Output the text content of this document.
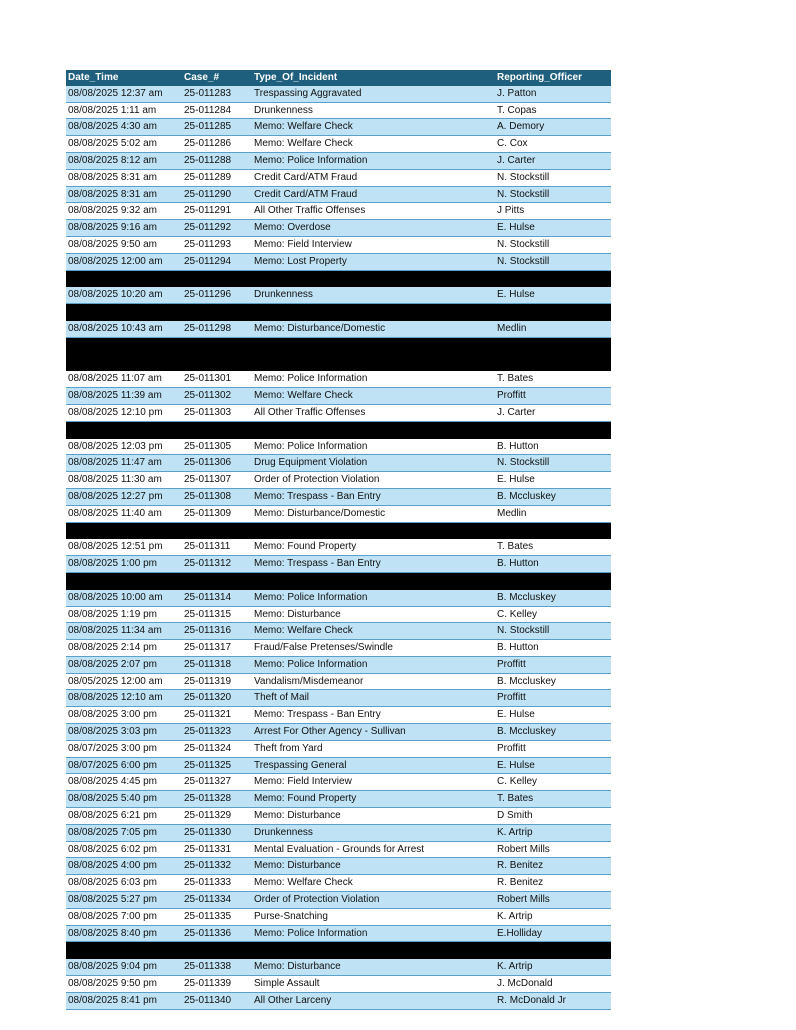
Date_Time	Case_#	Type_Of_Incident	Reporting_Officer
08/08/2025 12:37 am	25-011283	Trespassing Aggravated	J. Patton
08/08/2025 1:11 am	25-011284	Drunkenness	T. Copas
08/08/2025 4:30 am	25-011285	Memo: Welfare Check	A. Demory
08/08/2025 5:02 am	25-011286	Memo: Welfare Check	C. Cox
08/08/2025 8:12 am	25-011288	Memo: Police Information	J. Carter
08/08/2025 8:31 am	25-011289	Credit Card/ATM Fraud	N. Stockstill
08/08/2025 8:31 am	25-011290	Credit Card/ATM Fraud	N. Stockstill
08/08/2025 9:32 am	25-011291	All Other Traffic Offenses	J Pitts
08/08/2025 9:16 am	25-011292	Memo: Overdose	E. Hulse
08/08/2025 9:50 am	25-011293	Memo: Field Interview	N. Stockstill
08/08/2025 12:00 am	25-011294	Memo: Lost Property	N. Stockstill

08/08/2025 10:20 am	25-011296	Drunkenness	E. Hulse

08/08/2025 10:43 am	25-011298	Memo: Disturbance/Domestic	Medlin

08/08/2025 11:07 am	25-011301	Memo: Police Information	T. Bates
08/08/2025 11:39 am	25-011302	Memo: Welfare Check	Proffitt
08/08/2025 12:10 pm	25-011303	All Other Traffic Offenses	J. Carter

08/08/2025 12:03 pm	25-011305	Memo: Police Information	B. Hutton
08/08/2025 11:47 am	25-011306	Drug Equipment Violation	N. Stockstill
08/08/2025 11:30 am	25-011307	Order of Protection Violation	E. Hulse
08/08/2025 12:27 pm	25-011308	Memo: Trespass - Ban Entry	B. Mccluskey
08/08/2025 11:40 am	25-011309	Memo: Disturbance/Domestic	Medlin

08/08/2025 12:51 pm	25-011311	Memo: Found Property	T. Bates
08/08/2025 1:00 pm	25-011312	Memo: Trespass - Ban Entry	B. Hutton

08/08/2025 10:00 am	25-011314	Memo: Police Information	B. Mccluskey
08/08/2025 1:19 pm	25-011315	Memo: Disturbance	C. Kelley
08/08/2025 11:34 am	25-011316	Memo: Welfare Check	N. Stockstill
08/08/2025 2:14 pm	25-011317	Fraud/False Pretenses/Swindle	B. Hutton
08/08/2025 2:07 pm	25-011318	Memo: Police Information	Proffitt
08/05/2025 12:00 am	25-011319	Vandalism/Misdemeanor	B. Mccluskey
08/08/2025 12:10 am	25-011320	Theft of Mail	Proffitt
08/08/2025 3:00 pm	25-011321	Memo: Trespass - Ban Entry	E. Hulse
08/08/2025 3:03 pm	25-011323	Arrest For Other Agency - Sullivan	B. Mccluskey
08/07/2025 3:00 pm	25-011324	Theft from Yard	Proffitt
08/07/2025 6:00 pm	25-011325	Trespassing General	E. Hulse
08/08/2025 4:45 pm	25-011327	Memo: Field Interview	C. Kelley
08/08/2025 5:40 pm	25-011328	Memo: Found Property	T. Bates
08/08/2025 6:21 pm	25-011329	Memo: Disturbance	D Smith
08/08/2025 7:05 pm	25-011330	Drunkenness	K. Artrip
08/08/2025 6:02 pm	25-011331	Mental Evaluation - Grounds for Arrest	Robert Mills
08/08/2025 4:00 pm	25-011332	Memo: Disturbance	R. Benitez
08/08/2025 6:03 pm	25-011333	Memo: Welfare Check	R. Benitez
08/08/2025 5:27 pm	25-011334	Order of Protection Violation	Robert Mills
08/08/2025 7:00 pm	25-011335	Purse-Snatching	K. Artrip
08/08/2025 8:40 pm	25-011336	Memo: Police Information	E.Holliday

08/08/2025 9:04 pm	25-011338	Memo: Disturbance	K. Artrip
08/08/2025 9:50 pm	25-011339	Simple Assault	J. McDonald
08/08/2025 8:41 pm	25-011340	All Other Larceny	R. McDonald Jr
